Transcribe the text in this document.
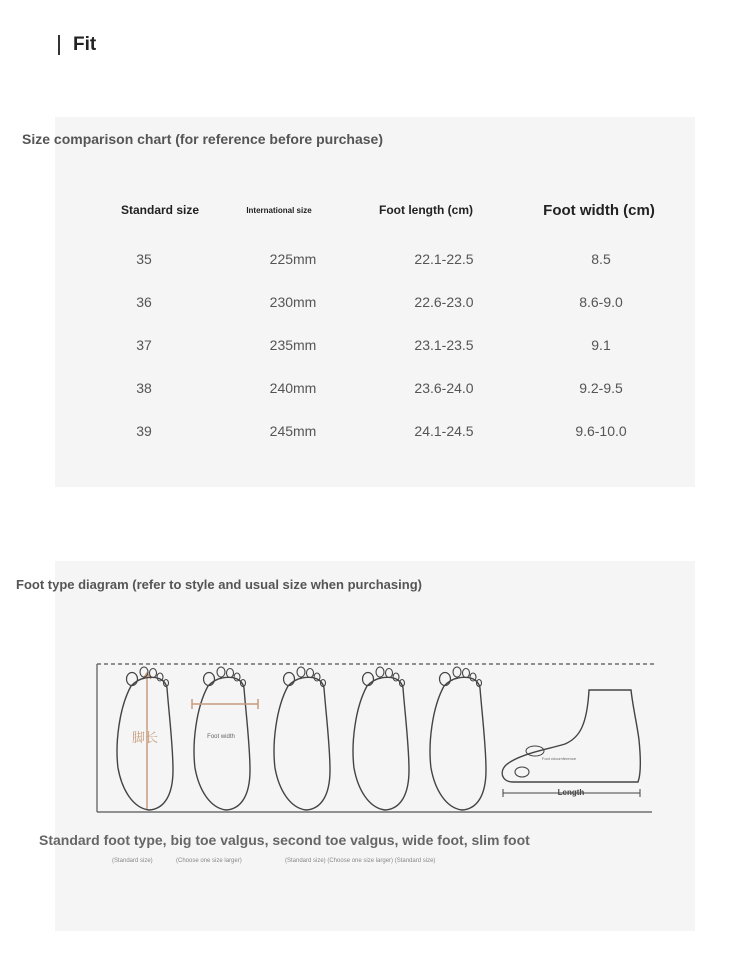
Fit
Size comparison chart (for reference before purchase)
Standard size	International size	Foot length (cm)	Foot width (cm)
35	225mm	22.1-22.5	8.5
36	230mm	22.6-23.0	8.6-9.0
37	235mm	23.1-23.5	9.1
38	240mm	23.6-24.0	9.2-9.5
39	245mm	24.1-24.5	9.6-10.0
Foot type diagram (refer to style and usual size when purchasing)
脚长	Foot width
Foot circumference
Length
Standard foot type, big toe valgus, second toe valgus, wide foot, slim foot
(Standard size)	(Choose one size larger)	(Standard size) (Choose one size larger) (Standard size)
